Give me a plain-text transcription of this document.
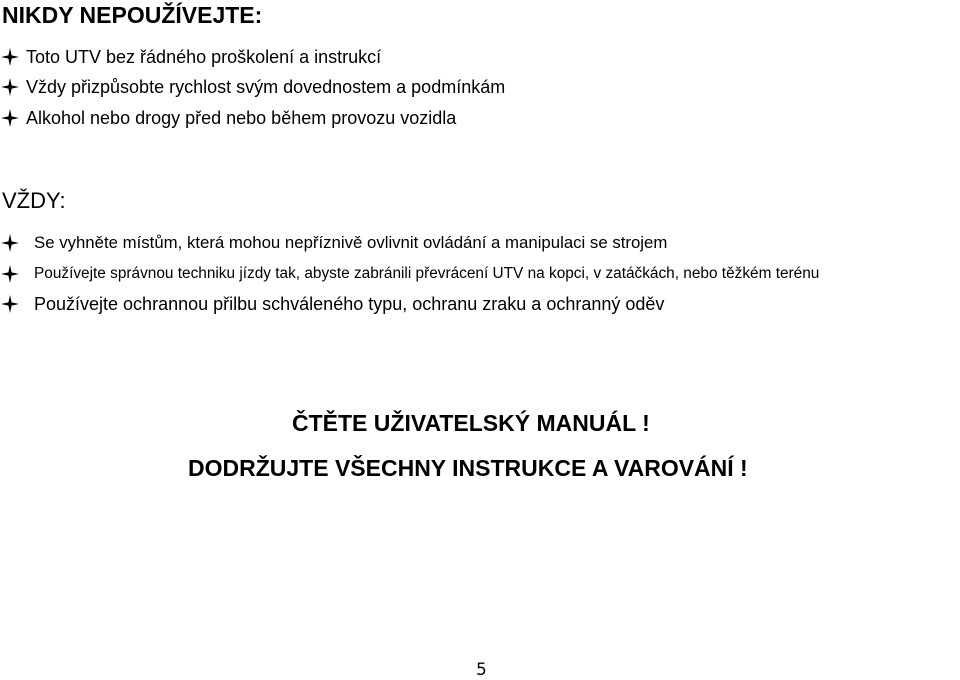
NIKDY NEPOUŽÍVEJTE:
Toto UTV bez řádného proškolení a instrukcí
Vždy přizpůsobte rychlost svým dovednostem a podmínkám
Alkohol nebo drogy před nebo během provozu vozidla
VŽDY:
Se vyhněte místům, která mohou nepříznivě ovlivnit ovládání a manipulaci se strojem
Používejte správnou techniku jízdy tak, abyste zabránili převrácení UTV na kopci, v zatáčkách, nebo těžkém terénu
Používejte ochrannou přilbu schváleného typu, ochranu zraku a ochranný oděv

ČTĚTE UŽIVATELSKÝ MANUÁL !

DODRŽUJTE VŠECHNY INSTRUKCE A VAROVÁNÍ !

5
